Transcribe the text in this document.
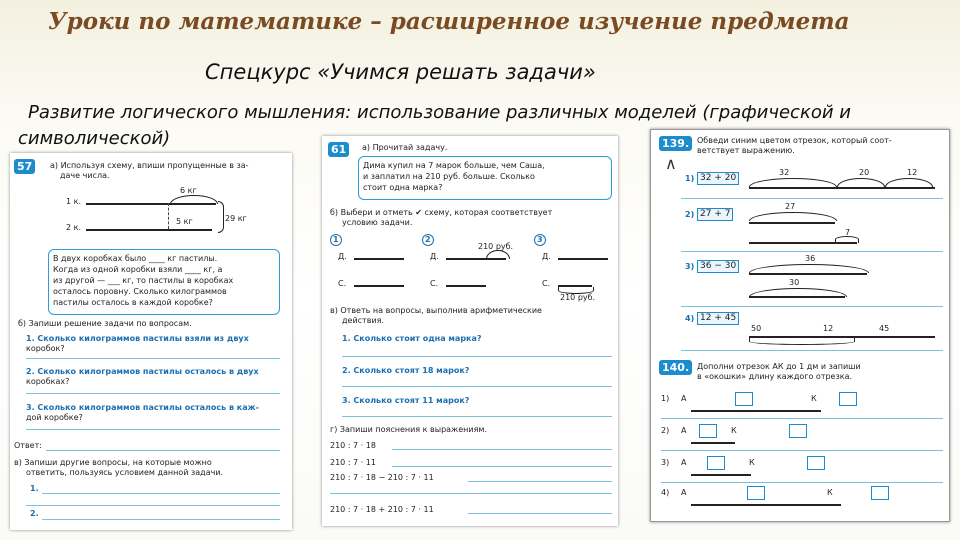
Уроки по математике – расширенное изучение предмета
Спецкурс «Учимся решать задачи»
Развитие логического мышления: использование различных моделей (графической и символической)
57	а) Используя схему, впиши пропущенные в за-
даче числа.
1 к.
2 к.
6 кг
5 кг	29 кг
В двух коробках было ____ кг пастилы.
Когда из одной коробки взяли ____ кг, а
из другой — ___ кг, то пастилы в коробках
осталось поровну. Сколько килограммов
пастилы осталось в каждой коробке?
б) Запиши решение задачи по вопросам.
1. Сколько килограммов пастилы взяли из двух
коробок?
2. Сколько килограммов пастилы осталось в двух
коробках?
3. Сколько килограммов пастилы осталось в каж-
дой коробке?
Ответ:
в) Запиши другие вопросы, на которые можно
ответить, пользуясь условием данной задачи.
1.
2.
61	а) Прочитай задачу.
Дима купил на 7 марок больше, чем Саша,
и заплатил на 210 руб. больше. Сколько
стоит одна марка?
б) Выбери и отметь ✔ схему, которая соответствует
условию задачи.
1	2	3
Д.
С.
210 руб.
Д.
С.
Д.
С.
210 руб.
в) Ответь на вопросы, выполнив арифметические
действия.
1. Сколько стоит одна марка?
2. Сколько стоят 18 марок?
3. Сколько стоят 11 марок?
г) Запиши пояснения к выражениям.
210 : 7 · 18
210 : 7 · 11
210 : 7 · 18 − 210 : 7 · 11
210 : 7 · 18 + 210 : 7 · 11
139. Обведи синим цветом отрезок, который соот-
ветствует выражению.
∧
1) 32 + 20
32	20	12
2) 27 + 7
27
7
3) 36 − 30
36
30
4) 12 + 45
50	12	45
140. Дополни отрезок АК до 1 дм и запиши
в «окошки» длину каждого отрезка.
1) А	К
2) А	К
3) А	К
4) А	К
